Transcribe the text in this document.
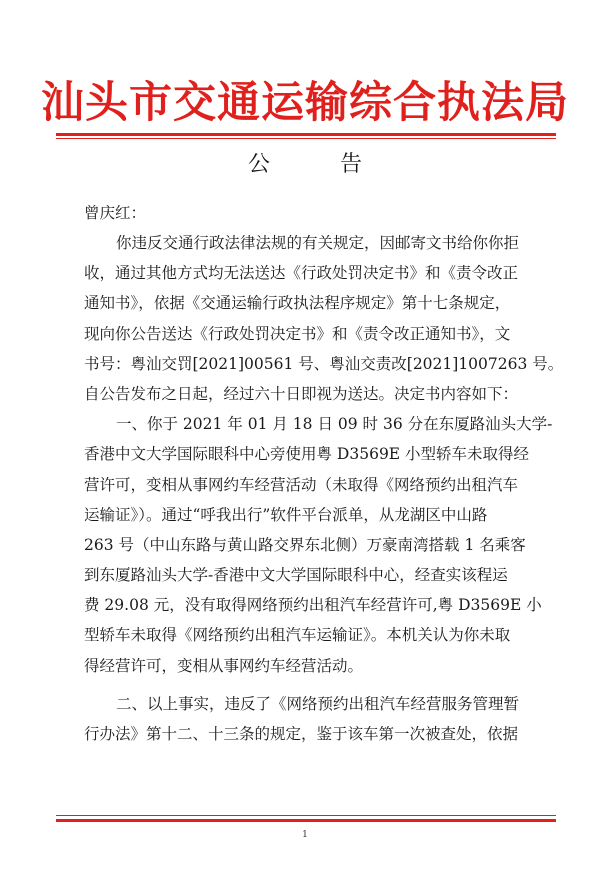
汕头市交通运输综合执法局
公告
曾庆红：
你违反交通行政法律法规的有关规定，因邮寄文书给你你拒
收，通过其他方式均无法送达《行政处罚决定书》和《责令改正
通知书》，依据《交通运输行政执法程序规定》第十七条规定，
现向你公告送达《行政处罚决定书》和《责令改正通知书》，文
书号：粤汕交罚[2021]00561 号、粤汕交责改[2021]1007263 号。
自公告发布之日起，经过六十日即视为送达。决定书内容如下：
一、你于 2021 年 01 月 18 日 09 时 36 分在东厦路汕头大学-
香港中文大学国际眼科中心旁使用粤 D3569E 小型轿车未取得经
营许可，变相从事网约车经营活动（未取得《网络预约出租汽车
运输证》）。通过“呼我出行”软件平台派单，从龙湖区中山路
263 号（中山东路与黄山路交界东北侧）万豪南湾搭载 1 名乘客
到东厦路汕头大学-香港中文大学国际眼科中心，经查实该程运
费 29.08 元，没有取得网络预约出租汽车经营许可,粤 D3569E 小
型轿车未取得《网络预约出租汽车运输证》。本机关认为你未取
得经营许可，变相从事网约车经营活动。
二、以上事实，违反了《网络预约出租汽车经营服务管理暂
行办法》第十二、十三条的规定，鉴于该车第一次被查处，依据
1
